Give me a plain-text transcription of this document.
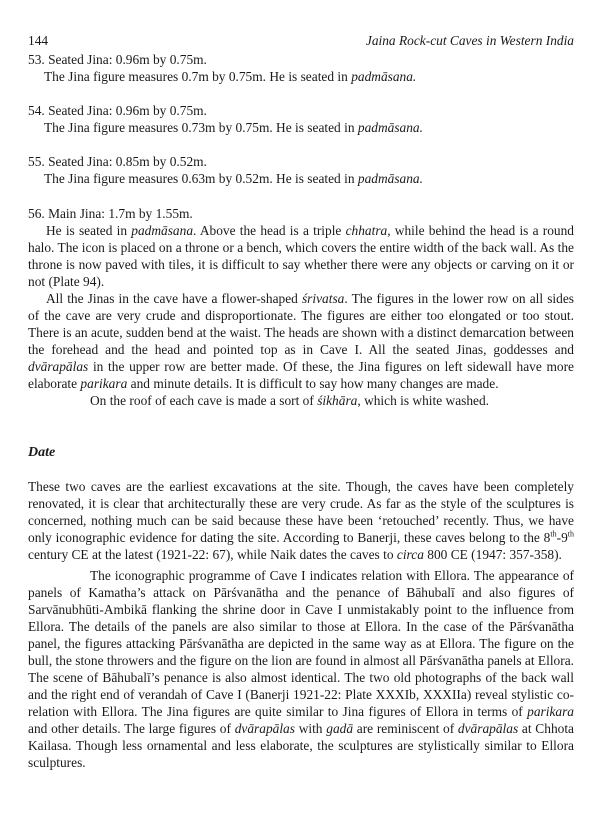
144	Jaina Rock-cut Caves in Western India
53. Seated Jina: 0.96m by 0.75m.
The Jina figure measures 0.7m by 0.75m. He is seated in padmāsana.
54. Seated Jina: 0.96m by 0.75m.
The Jina figure measures 0.73m by 0.75m. He is seated in padmāsana.
55. Seated Jina: 0.85m by 0.52m.
The Jina figure measures 0.63m by 0.52m. He is seated in padmāsana.
56. Main Jina: 1.7m by 1.55m.

He is seated in padmāsana. Above the head is a triple chhatra, while behind the head is a round halo. The icon is placed on a throne or a bench, which covers the entire width of the back wall. As the throne is now paved with tiles, it is difficult to say whether there were any objects or carving on it or not (Plate 94).

All the Jinas in the cave have a flower-shaped śrivatsa. The figures in the lower row on all sides of the cave are very crude and disproportionate. The figures are either too elongated or too stout. There is an acute, sudden bend at the waist. The heads are shown with a distinct demarcation between the forehead and the head and pointed top as in Cave I. All the seated Jinas, goddesses and dvārapālas in the upper row are better made. Of these, the Jina figures on left sidewall have more elaborate parikara and minute details. It is difficult to say how many changes are made.

On the roof of each cave is made a sort of śikhāra, which is white washed.

Date

These two caves are the earliest excavations at the site. Though, the caves have been completely renovated, it is clear that architecturally these are very crude. As far as the style of the sculptures is concerned, nothing much can be said because these have been ‘retouched’ recently. Thus, we have only iconographic evidence for dating the site. According to Banerji, these caves belong to the 8th-9th century CE at the latest (1921-22: 67), while Naik dates the caves to circa 800 CE (1947: 357-358).

The iconographic programme of Cave I indicates relation with Ellora. The appearance of panels of Kamatha’s attack on Pārśvanātha and the penance of Bāhubalī and also figures of Sarvānubhūti-Ambikā flanking the shrine door in Cave I unmistakably point to the influence from Ellora. The details of the panels are also similar to those at Ellora. In the case of the Pārśvanātha panel, the figures attacking Pārśvanātha are depicted in the same way as at Ellora. The figure on the bull, the stone throwers and the figure on the lion are found in almost all Pārśvanātha panels at Ellora. The scene of Bāhubalī’s penance is also almost identical. The two old photographs of the back wall and the right end of verandah of Cave I (Banerji 1921-22: Plate XXXIb, XXXIIa) reveal stylistic co-relation with Ellora. The Jina figures are quite similar to Jina figures of Ellora in terms of parikara and other details. The large figures of dvārapālas with gadā are reminiscent of dvārapālas at Chhota Kailasa. Though less ornamental and less elaborate, the sculptures are stylistically similar to Ellora sculptures.
